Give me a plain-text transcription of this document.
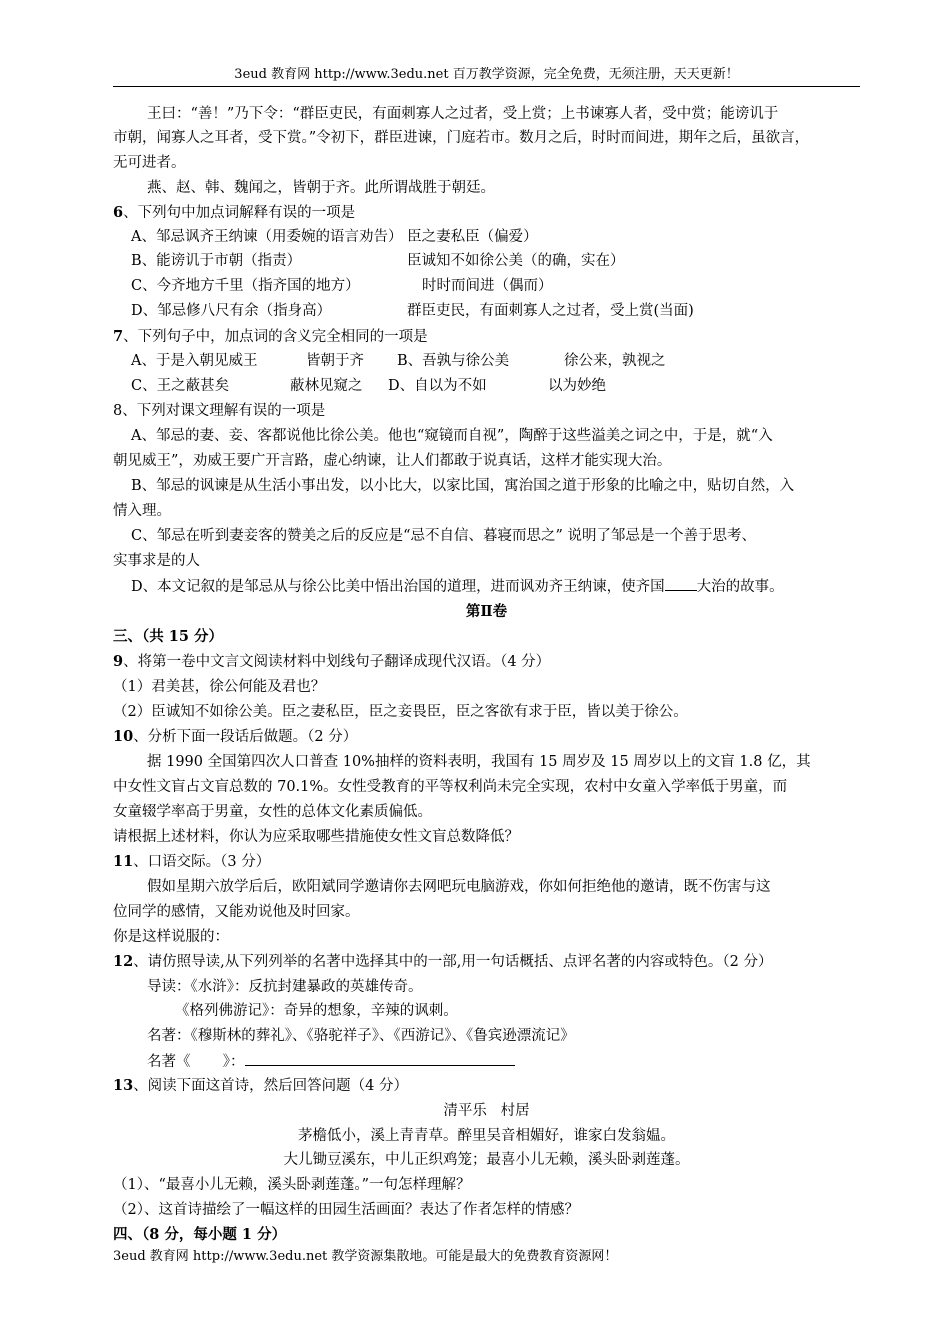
3eud 教育网 http://www.3edu.net 百万教学资源，完全免费，无须注册，天天更新！
王曰：“善！”乃下令：“群臣吏民，有面刺寡人之过者，受上赏；上书谏寡人者，受中赏；能谤讥于
市朝，闻寡人之耳者，受下赏。”令初下，群臣进谏，门庭若市。数月之后，时时而间进，期年之后，虽欲言，
无可进者。
燕、赵、韩、魏闻之，皆朝于齐。此所谓战胜于朝廷。
6、下列句中加点词解释有误的一项是
A、邹忌讽齐王纳谏（用委婉的语言劝告） 臣之妻私臣（偏爱）
B、能谤讥于市朝（指责）	臣诚知不如徐公美（的确，实在）
C、今齐地方千里（指齐国的地方）	时时而间进（偶而）
D、邹忌修八尺有余（指身高）	群臣吏民，有面刺寡人之过者，受上赏(当面)
7、下列句子中，加点词的含义完全相同的一项是
A、于是入朝见威王	皆朝于齐 B、吾孰与徐公美	徐公来，孰视之
C、王之蔽甚矣	蔽林见窥之 D、自以为不如	以为妙绝
8、下列对课文理解有误的一项是
A、邹忌的妻、妾、客都说他比徐公美。他也“窥镜而自视”，陶醉于这些溢美之词之中，于是，就“入
朝见威王”，劝威王要广开言路，虚心纳谏，让人们都敢于说真话，这样才能实现大治。
B、邹忌的讽谏是从生活小事出发，以小比大，以家比国，寓治国之道于形象的比喻之中，贴切自然，入
情入理。
C、邹忌在听到妻妾客的赞美之后的反应是“忌不自信、暮寝而思之” 说明了邹忌是一个善于思考、
实事求是的人
D、本文记叙的是邹忌从与徐公比美中悟出治国的道理，进而讽劝齐王纳谏，使齐国 大治的故事。
第Ⅱ卷
三、（共 15 分）
9、将第一卷中文言文阅读材料中划线句子翻译成现代汉语。（4 分）
（1）君美甚，徐公何能及君也？
（2）臣诚知不如徐公美。臣之妻私臣，臣之妾畏臣，臣之客欲有求于臣，皆以美于徐公。
10、分析下面一段话后做题。（2 分）
据 1990 全国第四次人口普查 10%抽样的资料表明，我国有 15 周岁及 15 周岁以上的文盲 1.8 亿，其
中女性文盲占文盲总数的 70.1%。女性受教育的平等权利尚未完全实现，农村中女童入学率低于男童，而
女童辍学率高于男童，女性的总体文化素质偏低。
请根据上述材料，你认为应采取哪些措施使女性文盲总数降低？
11、口语交际。（3 分）
假如星期六放学后后，欧阳斌同学邀请你去网吧玩电脑游戏，你如何拒绝他的邀请，既不伤害与这
位同学的感情，又能劝说他及时回家。
你是这样说服的：
12、请仿照导读,从下列列举的名著中选择其中的一部,用一句话概括、点评名著的内容或特色。（2 分）
导读：《水浒》：反抗封建暴政的英雄传奇。
《格列佛游记》：奇异的想象，辛辣的讽刺。
名著：《穆斯林的葬礼》、《骆驼祥子》、《西游记》、《鲁宾逊漂流记》
名著《       》：
13、阅读下面这首诗，然后回答问题（4 分）
清平乐   村居
茅檐低小，溪上青青草。醉里吴音相媚好，谁家白发翁媪。
大儿锄豆溪东，中儿正织鸡笼；最喜小儿无赖，溪头卧剥莲蓬。
（1）、“最喜小儿无赖，溪头卧剥莲蓬。”一句怎样理解？
（2）、这首诗描绘了一幅这样的田园生活画面？表达了作者怎样的情感？
四、（8 分，每小题 1 分）
3eud 教育网 http://www.3edu.net 教学资源集散地。可能是最大的免费教育资源网！
